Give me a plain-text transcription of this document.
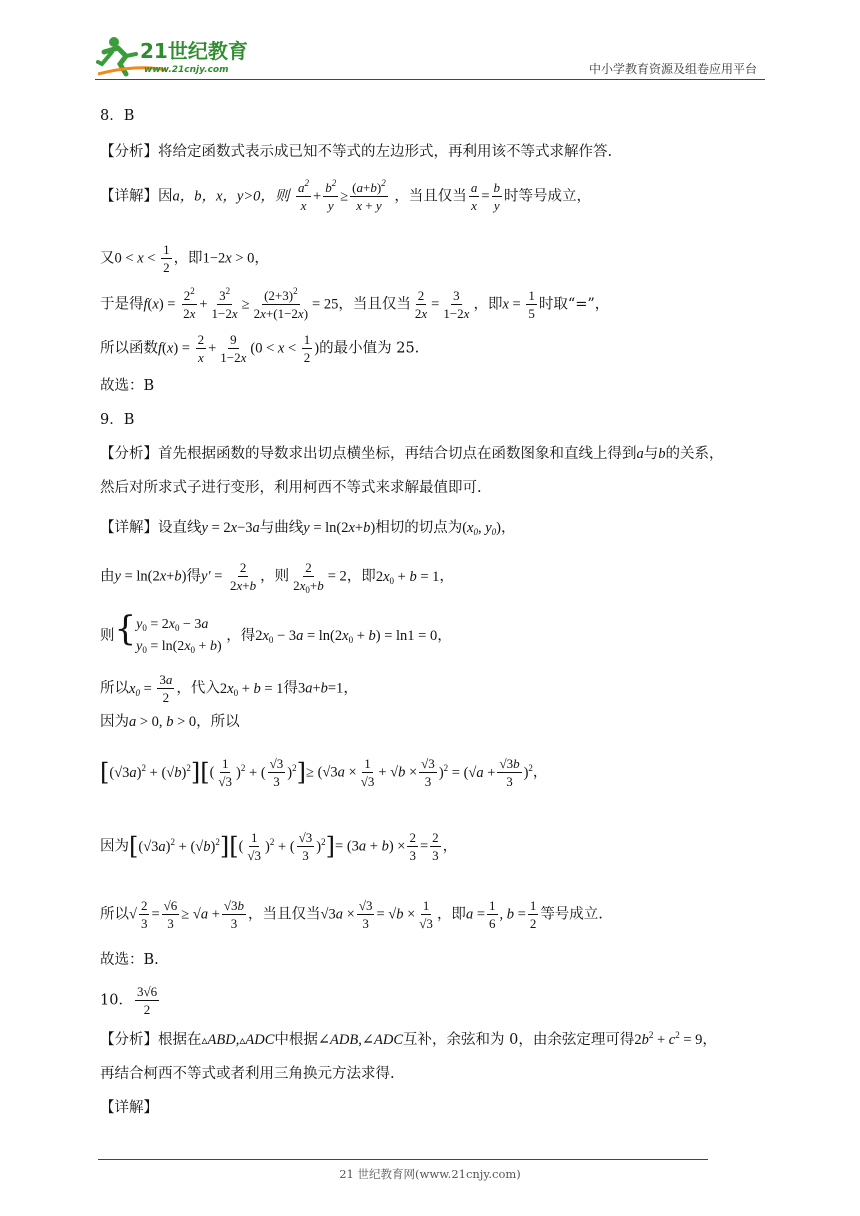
21世纪教育
www.21cnjy.com	中小学教育资源及组卷应用平台
8．B
【分析】将给定函数式表示成已知不等式的左边形式，再利用该不等式求解作答.
【详解】因a，b，x，y>0，则 $\frac{a^2}{x} + \frac{b^2}{y} \ge \frac{(a+b)^2}{x + y}$ ，当且仅当 $\frac{a}{x} = \frac{b}{y}$ 时等号成立，
又$0 < x < \frac{1}{2}$ ，即1−2x > 0，
于是得$f(x) = \frac{2^2}{2x} + \frac{3^2}{1-2x} \ge \frac{(2+3)^2}{2x+(1-2x)} = 25$，当且仅当 $\frac{2}{2x} = \frac{3}{1-2x}$ ，即$x = \frac{1}{5}$ 时取“=”，
所以函数$f(x) = \frac{2}{x} + \frac{9}{1-2x} (0 < x < \frac{1}{2}$ )的最小值为 25.
故选：B
9．B
【分析】首先根据函数的导数求出切点横坐标，再结合切点在函数图象和直线上得到a与b的关系，
然后对所求式子进行变形，利用柯西不等式来求解最值即可.
【详解】设直线y = 2x−3a与曲线y = ln(2x+b)相切的切点为($x_0$, $y_0$)，
由y = ln(2x+b)得$y' = \frac{2}{2x+b}$ ，则 $\frac{2}{2x_0+b} = 2$，即$2x_0 + b = 1$，
则{$y_0 = 2x_0 - 3a$
$y_0 = \ln(2x_0 + b)$ ，得$2x_0 - 3a = \ln(2x_0 + b) = \ln 1 = 0$，
所以$x_0 = \frac{3a}{2}$ ，代入$2x_0 + b = 1$得3a+b=1，
因为a > 0, b > 0，所以
$[(√3a)^2 + (√b)^2][( \frac{1}{√3} )^2$ + ( $\frac{√3}{3} )^2]\ge (√3a \times \frac{1}{√3} + √b \times \frac{√3}{3} )^2 = (√a + \frac{√3b}{3} )^2$，
因为$[(√3a)^2 + (√b)^2][( \frac{1}{√3} )^2$ + ( $\frac{√3}{3} )^2]= (3a + b) \times \frac{2}{3} = \frac{2}{3}$ ，
所以√ $\frac{2}{3} = \frac{√6}{3} \ge √a + \frac{√3b}{3}$ ，当且仅当$√3a \times \frac{√3}{3} = √b \times \frac{1}{√3}$ ，即$a = \frac{1}{6}$ , $b = \frac{1}{2}$ 等号成立.
故选：B.
10． $\frac{3√6}{2}$
【分析】根据在▵ABD,▵ADC中根据∠ADB,∠ADC互补，余弦和为 0，由余弦定理可得$2b^2 + c^2 = 9$，
再结合柯西不等式或者利用三角换元方法求得.
【详解】
21 世纪教育网(www.21cnjy.com)
